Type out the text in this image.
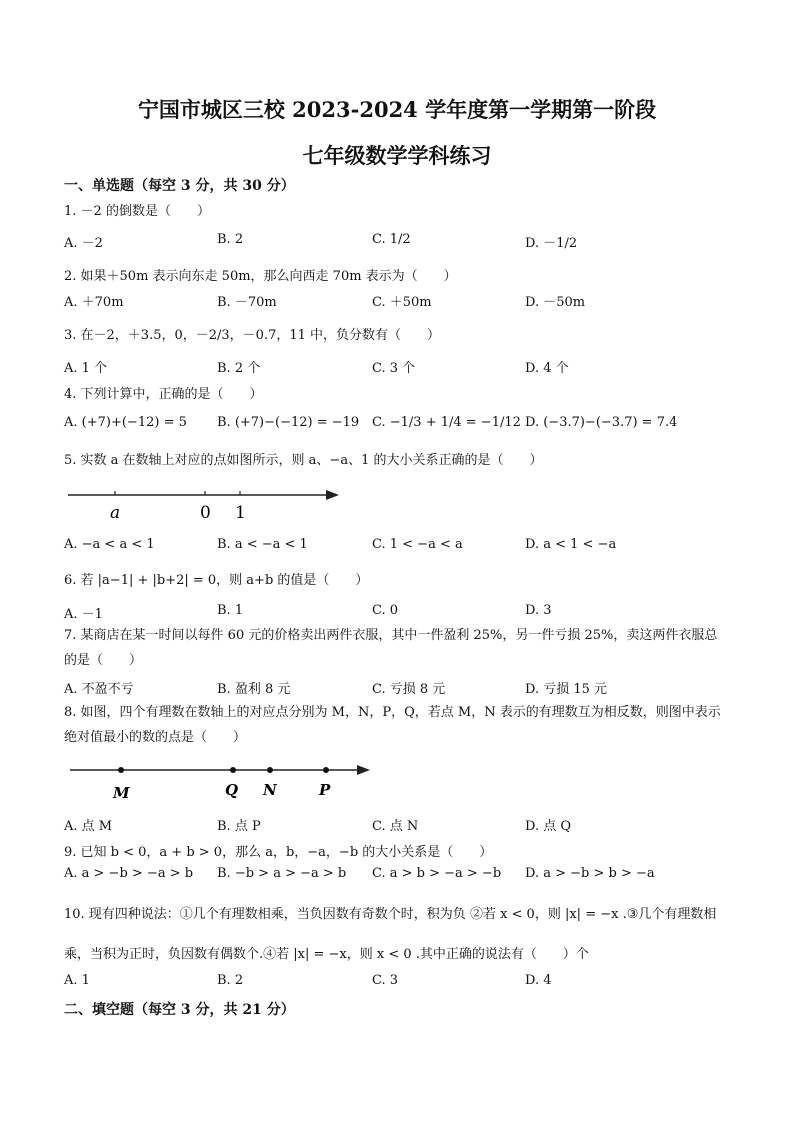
宁国市城区三校 2023-2024 学年度第一学期第一阶段
七年级数学学科练习
一、单选题（每空 3 分，共 30 分）
1. －2 的倒数是（　　）
A. －2	B. 2	C. 1/2	D. －1/2
2. 如果＋50m 表示向东走 50m，那么向西走 70m 表示为（　　）
A. ＋70m	B. －70m	C. ＋50m	D. －50m
3. 在－2，＋3.5，0，－2/3，－0.7，11 中，负分数有（　　）
A. 1 个	B. 2 个	C. 3 个	D. 4 个
4. 下列计算中，正确的是（　　）
A. (+7)+(−12) = 5 B. (+7)−(−12) = −19 C. −1/3 + 1/4 = −1/12 D. (−3.7)−(−3.7) = 7.4
5. 实数 a 在数轴上对应的点如图所示，则 a、−a、1 的大小关系正确的是（　　）
a	0 1
A. −a < a < 1	B. a < −a < 1	C. 1 < −a < a	D. a < 1 < −a
6. 若 |a−1| + |b+2| = 0，则 a+b 的值是（　　）
A. －1	B. 1	C. 0	D. 3
7. 某商店在某一时间以每件 60 元的价格卖出两件衣服，其中一件盈利 25%，另一件亏损 25%，卖这两件衣服总的是（　　）
A. 不盈不亏	B. 盈利 8 元	C. 亏损 8 元	D. 亏损 15 元
8. 如图，四个有理数在数轴上的对应点分别为 M，N，P，Q，若点 M，N 表示的有理数互为相反数，则图中表示绝对值最小的数的点是（　　）
M	Q N	P
A. 点 M	B. 点 P	C. 点 N	D. 点 Q
9. 已知 b < 0，a + b > 0，那么 a，b，−a，−b 的大小关系是（　　）
A. a > −b > −a > b B. −b > a > −a > b C. a > b > −a > −b D. a > −b > b > −a
10. 现有四种说法：①几个有理数相乘，当负因数有奇数个时，积为负 ②若 x < 0，则 |x| = −x .③几个有理数相乘，当积为正时，负因数有偶数个.④若 |x| = −x，则 x < 0 .其中正确的说法有（　　）个
A. 1	B. 2	C. 3	D. 4
二、填空题（每空 3 分，共 21 分）
